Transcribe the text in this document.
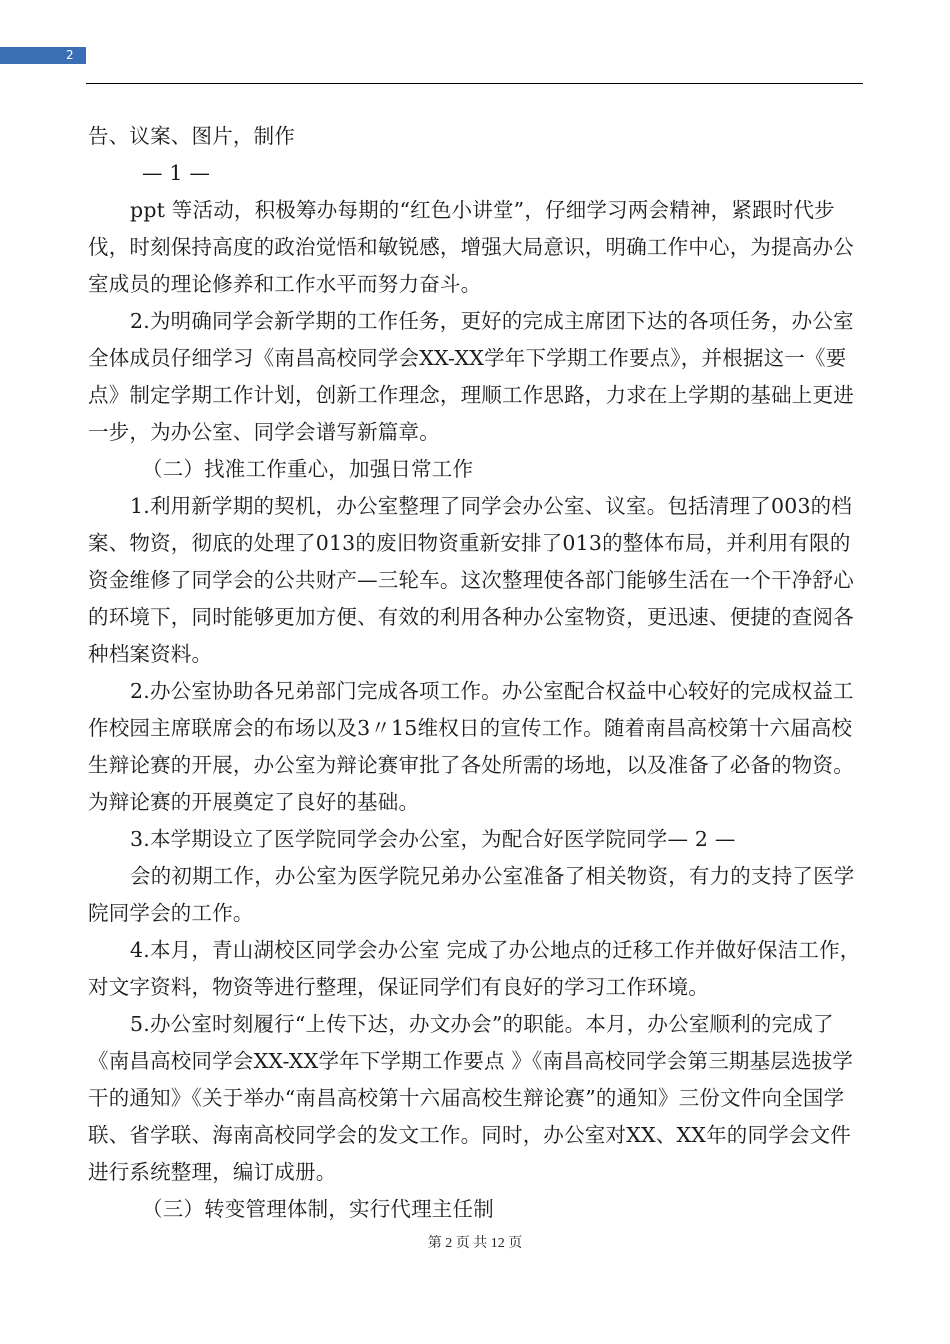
2

告、议案、图片，制作

— 1 —

ppt 等活动，积极筹办每期的“红色小讲堂”，仔细学习两会精神，紧跟时代步伐，时刻保持高度的政治觉悟和敏锐感，增强大局意识，明确工作中心，为提高办公室成员的理论修养和工作水平而努力奋斗。

2.为明确同学会新学期的工作任务，更好的完成主席团下达的各项任务，办公室全体成员仔细学习《南昌高校同学会XX-XX学年下学期工作要点》，并根据这一《要点》制定学期工作计划，创新工作理念，理顺工作思路，力求在上学期的基础上更进一步，为办公室、同学会谱写新篇章。

（二）找准工作重心，加强日常工作

1.利用新学期的契机，办公室整理了同学会办公室、议室。包括清理了003的档案、物资，彻底的处理了013的废旧物资重新安排了013的整体布局，并利用有限的资金维修了同学会的公共财产—三轮车。这次整理使各部门能够生活在一个干净舒心的环境下，同时能够更加方便、有效的利用各种办公室物资，更迅速、便捷的查阅各种档案资料。

2.办公室协助各兄弟部门完成各项工作。办公室配合权益中心较好的完成权益工作校园主席联席会的布场以及3〃15维权日的宣传工作。随着南昌高校第十六届高校生辩论赛的开展，办公室为辩论赛审批了各处所需的场地，以及准备了必备的物资。为辩论赛的开展奠定了良好的基础。

3.本学期设立了医学院同学会办公室，为配合好医学院同学— 2 —

会的初期工作，办公室为医学院兄弟办公室准备了相关物资，有力的支持了医学院同学会的工作。

4.本月，青山湖校区同学会办公室 完成了办公地点的迁移工作并做好保洁工作，对文字资料，物资等进行整理，保证同学们有良好的学习工作环境。

5.办公室时刻履行“上传下达，办文办会”的职能。本月，办公室顺利的完成了《南昌高校同学会XX-XX学年下学期工作要点 》《南昌高校同学会第三期基层选拔学干的通知》《关于举办“南昌高校第十六届高校生辩论赛”的通知》三份文件向全国学联、省学联、海南高校同学会的发文工作。同时，办公室对XX、XX年的同学会文件进行系统整理，编订成册。

（三）转变管理体制，实行代理主任制

第 2 页 共 12 页
